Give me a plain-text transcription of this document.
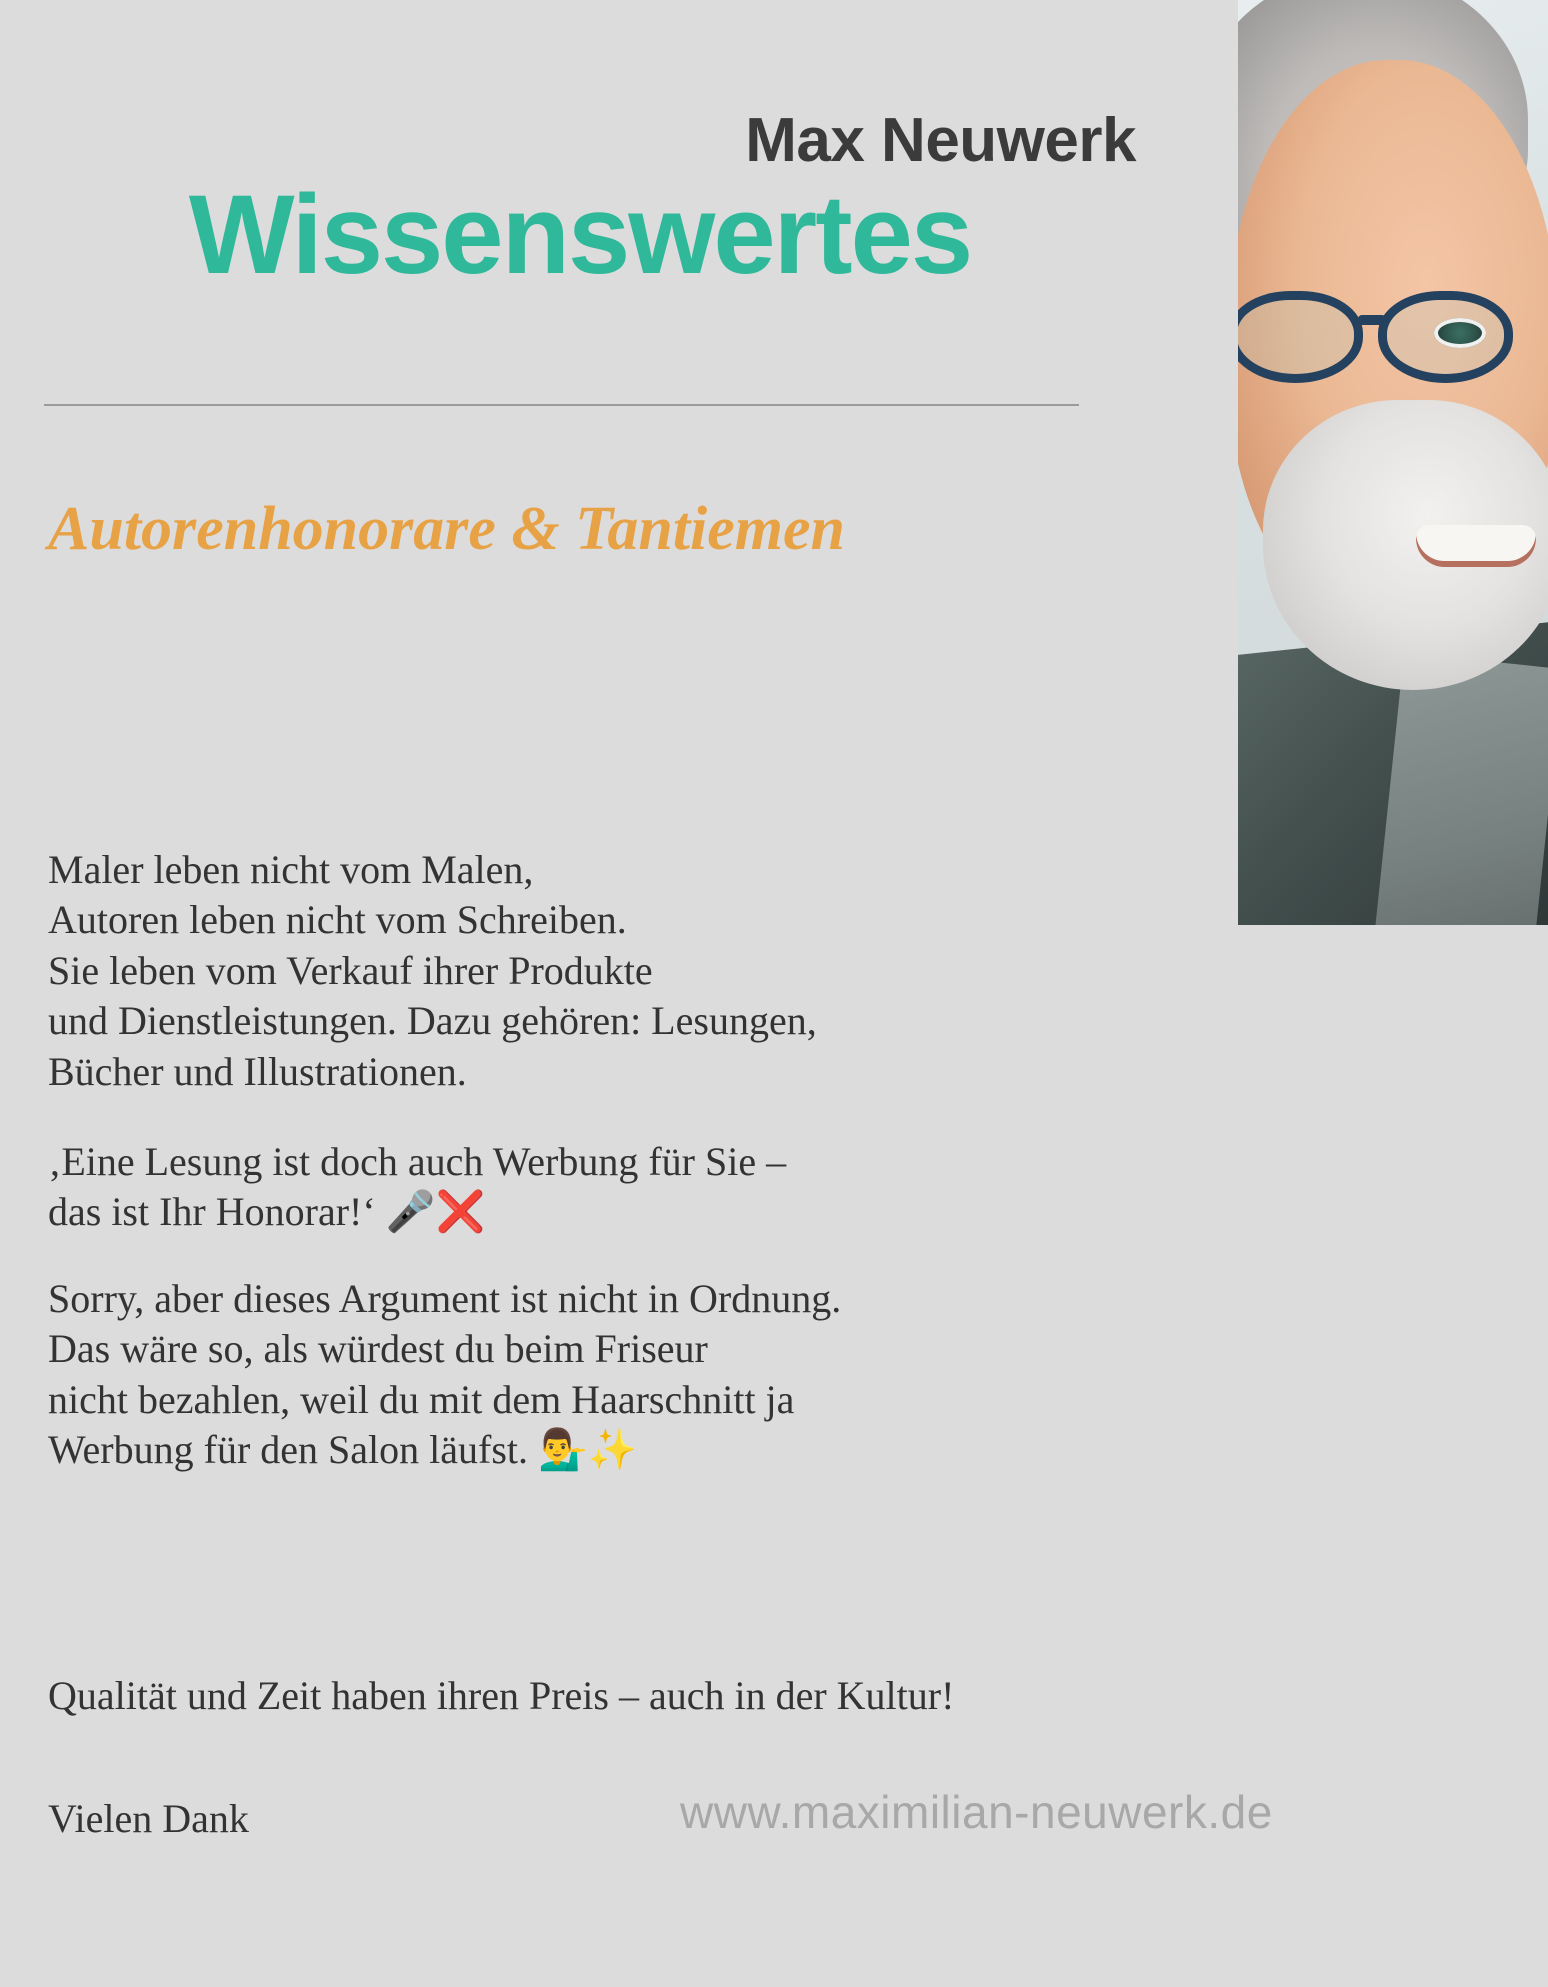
Max Neuwerk
Wissenswertes
Autorenhonorare & Tantiemen

Maler leben nicht vom Malen,
Autoren leben nicht vom Schreiben.
Sie leben vom Verkauf ihrer Produkte
und Dienstleistungen. Dazu gehören: Lesungen,
Bücher und Illustrationen.

‚Eine Lesung ist doch auch Werbung für Sie –
das ist Ihr Honorar!‘ 🎤❌

Sorry, aber dieses Argument ist nicht in Ordnung.
Das wäre so, als würdest du beim Friseur
nicht bezahlen, weil du mit dem Haarschnitt ja
Werbung für den Salon läufst. 💁‍♂️✨

Qualität und Zeit haben ihren Preis – auch in der Kultur!
Vielen Dank	www.maximilian-neuwerk.de
